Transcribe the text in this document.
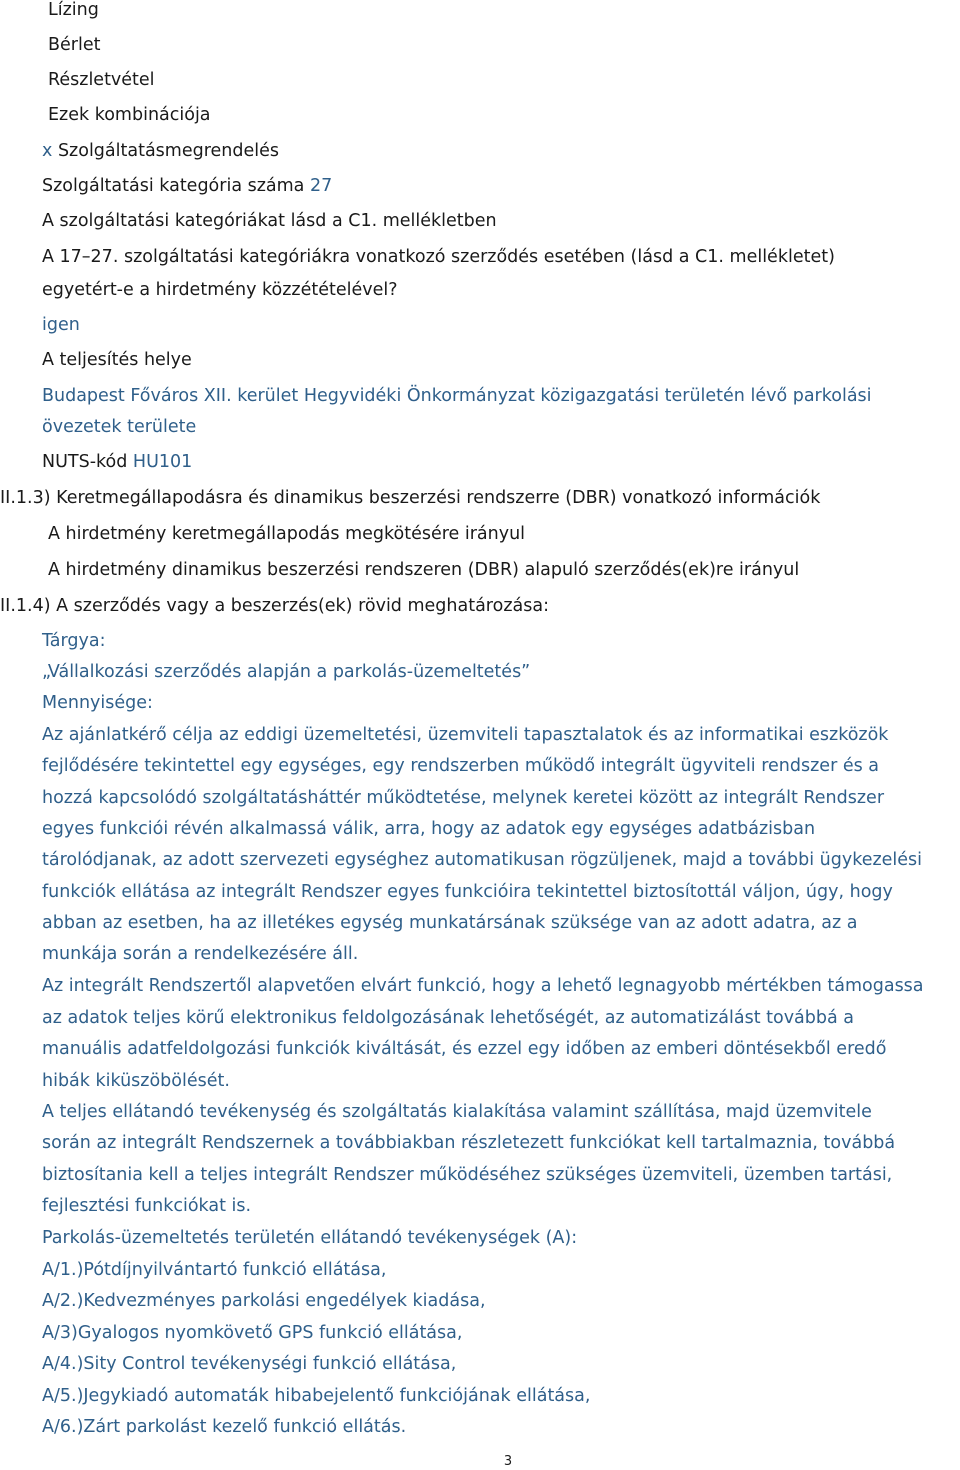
Lízing
Bérlet
Részletvétel
Ezek kombinációja
x Szolgáltatásmegrendelés
Szolgáltatási kategória száma 27
A szolgáltatási kategóriákat lásd a C1. mellékletben
A 17–27. szolgáltatási kategóriákra vonatkozó szerződés esetében (lásd a C1. mellékletet)
egyetért-e a hirdetmény közzétételével?
igen
A teljesítés helye
Budapest Főváros XII. kerület Hegyvidéki Önkormányzat közigazgatási területén lévő parkolási
övezetek területe
NUTS-kód HU101
II.1.3) Keretmegállapodásra és dinamikus beszerzési rendszerre (DBR) vonatkozó információk
A hirdetmény keretmegállapodás megkötésére irányul
A hirdetmény dinamikus beszerzési rendszeren (DBR) alapuló szerződés(ek)re irányul
II.1.4) A szerződés vagy a beszerzés(ek) rövid meghatározása:
Tárgya:
„Vállalkozási szerződés alapján a parkolás-üzemeltetés”
Mennyisége:
Az ajánlatkérő célja az eddigi üzemeltetési, üzemviteli tapasztalatok és az informatikai eszközök
fejlődésére tekintettel egy egységes, egy rendszerben működő integrált ügyviteli rendszer és a
hozzá kapcsolódó szolgáltatásháttér működtetése, melynek keretei között az integrált Rendszer
egyes funkciói révén alkalmassá válik, arra, hogy az adatok egy egységes adatbázisban
tárolódjanak, az adott szervezeti egységhez automatikusan rögzüljenek, majd a további ügykezelési
funkciók ellátása az integrált Rendszer egyes funkcióira tekintettel biztosítottál váljon, úgy, hogy
abban az esetben, ha az illetékes egység munkatársának szüksége van az adott adatra, az a
munkája során a rendelkezésére áll.
Az integrált Rendszertől alapvetően elvárt funkció, hogy a lehető legnagyobb mértékben támogassa
az adatok teljes körű elektronikus feldolgozásának lehetőségét, az automatizálást továbbá a
manuális adatfeldolgozási funkciók kiváltását, és ezzel egy időben az emberi döntésekből eredő
hibák kiküszöbölését.
A teljes ellátandó tevékenység és szolgáltatás kialakítása valamint szállítása, majd üzemvitele
során az integrált Rendszernek a továbbiakban részletezett funkciókat kell tartalmaznia, továbbá
biztosítania kell a teljes integrált Rendszer működéséhez szükséges üzemviteli, üzemben tartási,
fejlesztési funkciókat is.
Parkolás-üzemeltetés területén ellátandó tevékenységek (A):
A/1.)Pótdíjnyilvántartó funkció ellátása,
A/2.)Kedvezményes parkolási engedélyek kiadása,
A/3)Gyalogos nyomkövető GPS funkció ellátása,
A/4.)Sity Control tevékenységi funkció ellátása,
A/5.)Jegykiadó automaták hibabejelentő funkciójának ellátása,
A/6.)Zárt parkolást kezelő funkció ellátás.
3
